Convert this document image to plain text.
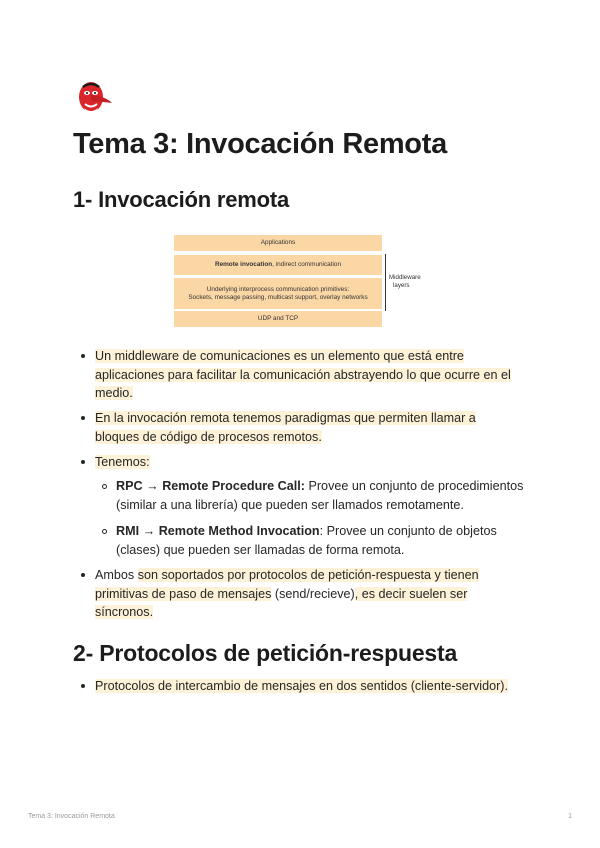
Tema 3: Invocación Remota
1- Invocación remota
Applications
Remote invocation, indirect communication
Underlying interprocess communication primitives:
Sockets, message passing, multicast support, overlay networks
UDP and TCP
Middleware
layers
Un middleware de comunicaciones es un elemento que está entre
aplicaciones para facilitar la comunicación abstrayendo lo que ocurre en el
medio.
En la invocación remota tenemos paradigmas que permiten llamar a
bloques de código de procesos remotos.
Tenemos:
RPC → Remote Procedure Call: Provee un conjunto de procedimientos
(similar a una librería) que pueden ser llamados remotamente.
RMI → Remote Method Invocation: Provee un conjunto de objetos
(clases) que pueden ser llamadas de forma remota.
Ambos son soportados por protocolos de petición-respuesta y tienen
primitivas de paso de mensajes (send/recieve), es decir suelen ser
síncronos.
2- Protocolos de petición-respuesta
Protocolos de intercambio de mensajes en dos sentidos (cliente-servidor).
Tema 3: Invocación Remota	1
